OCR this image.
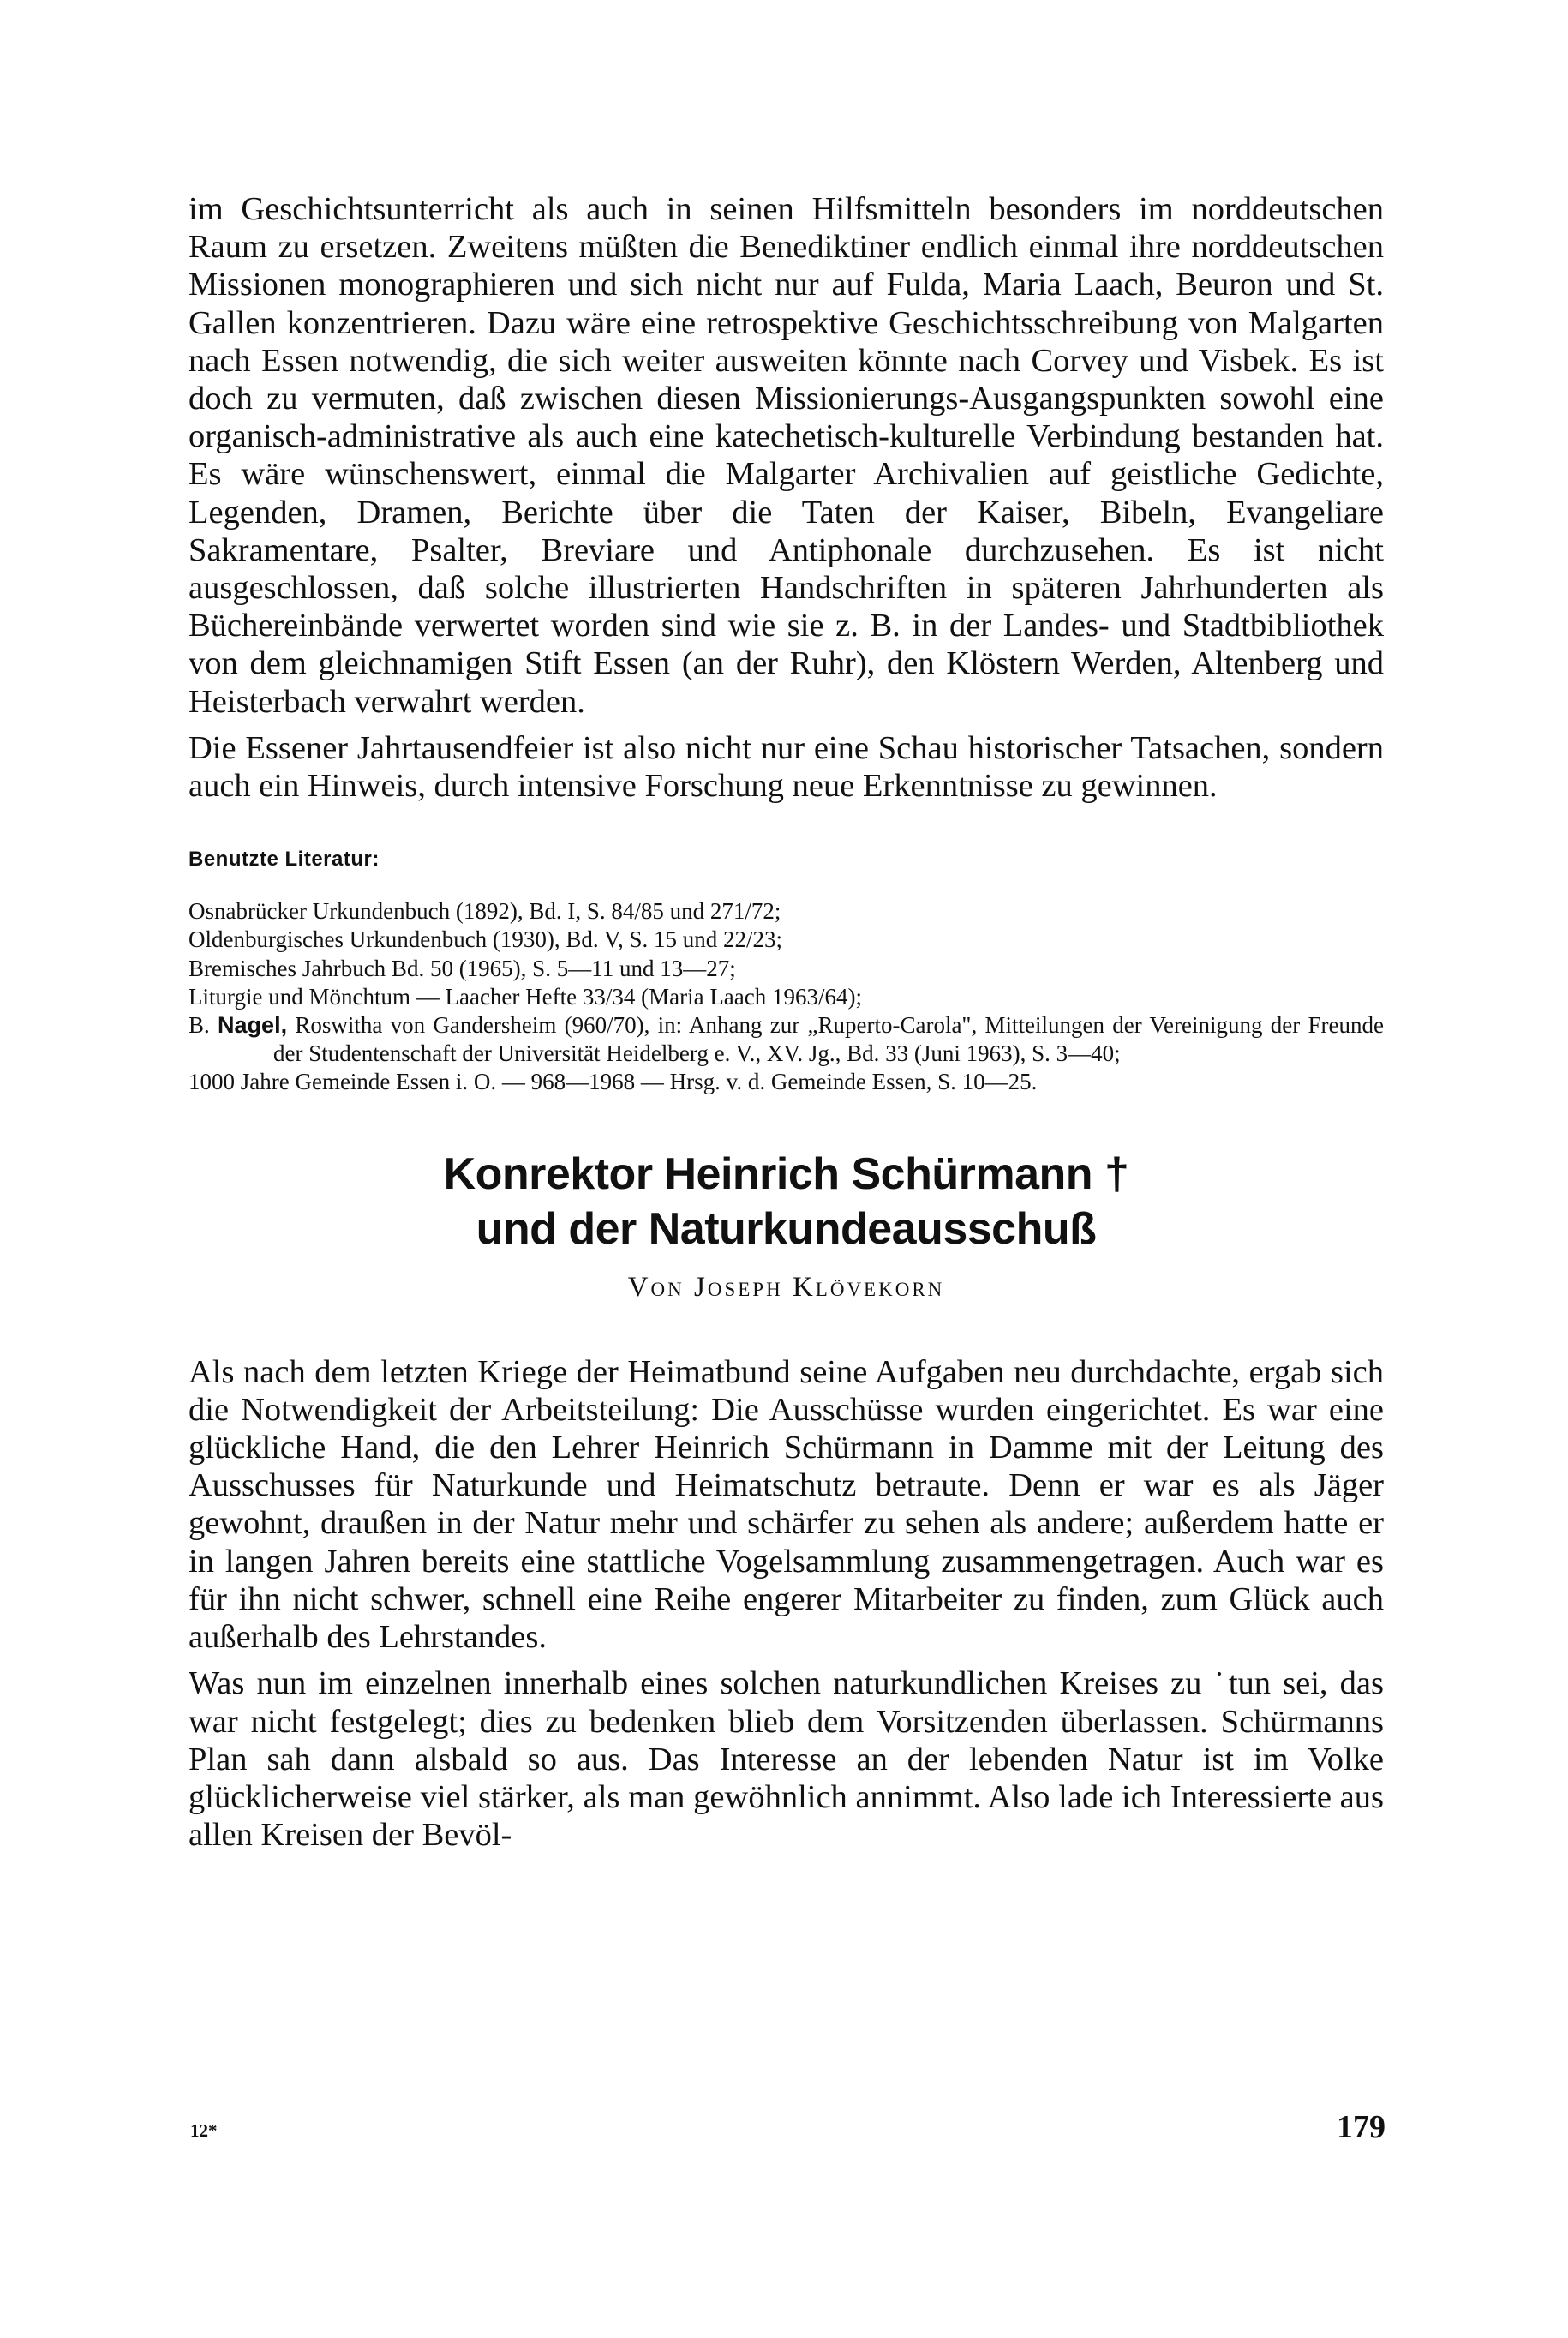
im Geschichtsunterricht als auch in seinen Hilfsmitteln besonders im norddeutschen Raum zu ersetzen. Zweitens müßten die Benediktiner endlich einmal ihre norddeutschen Missionen monographieren und sich nicht nur auf Fulda, Maria Laach, Beuron und St. Gallen konzentrieren. Dazu wäre eine retrospektive Geschichtsschreibung von Malgarten nach Essen notwendig, die sich weiter ausweiten könnte nach Corvey und Visbek. Es ist doch zu vermuten, daß zwischen diesen Missionierungs-Ausgangspunkten sowohl eine organisch-administrative als auch eine katechetisch-kulturelle Verbindung bestanden hat. Es wäre wünschenswert, einmal die Malgarter Archivalien auf geistliche Gedichte, Legenden, Dramen, Berichte über die Taten der Kaiser, Bibeln, Evangeliare Sakramentare, Psalter, Breviare und Antiphonale durchzusehen. Es ist nicht ausgeschlossen, daß solche illustrierten Handschriften in späteren Jahrhunderten als Büchereinbände verwertet worden sind wie sie z. B. in der Landes- und Stadtbibliothek von dem gleichnamigen Stift Essen (an der Ruhr), den Klöstern Werden, Altenberg und Heisterbach verwahrt werden.

Die Essener Jahrtausendfeier ist also nicht nur eine Schau historischer Tatsachen, sondern auch ein Hinweis, durch intensive Forschung neue Erkenntnisse zu gewinnen.

Benutzte Literatur:
Osnabrücker Urkundenbuch (1892), Bd. I, S. 84/85 und 271/72;
Oldenburgisches Urkundenbuch (1930), Bd. V, S. 15 und 22/23;
Bremisches Jahrbuch Bd. 50 (1965), S. 5—11 und 13—27;
Liturgie und Mönchtum — Laacher Hefte 33/34 (Maria Laach 1963/64);
B. Nagel, Roswitha von Gandersheim (960/70), in: Anhang zur „Ruperto-Carola", Mitteilungen der Vereinigung der Freunde der Studentenschaft der Universität Heidelberg e. V., XV. Jg., Bd. 33 (Juni 1963), S. 3—40;
1000 Jahre Gemeinde Essen i. O. — 968—1968 — Hrsg. v. d. Gemeinde Essen, S. 10—25.
Konrektor Heinrich Schürmann †
und der Naturkundeausschuß
Von Joseph Klövekorn

Als nach dem letzten Kriege der Heimatbund seine Aufgaben neu durchdachte, ergab sich die Notwendigkeit der Arbeitsteilung: Die Ausschüsse wurden eingerichtet. Es war eine glückliche Hand, die den Lehrer Heinrich Schürmann in Damme mit der Leitung des Ausschusses für Naturkunde und Heimatschutz betraute. Denn er war es als Jäger gewohnt, draußen in der Natur mehr und schärfer zu sehen als andere; außerdem hatte er in langen Jahren bereits eine stattliche Vogelsammlung zusammengetragen. Auch war es für ihn nicht schwer, schnell eine Reihe engerer Mitarbeiter zu finden, zum Glück auch außerhalb des Lehrstandes.

Was nun im einzelnen innerhalb eines solchen naturkundlichen Kreises zu ˙tun sei, das war nicht festgelegt; dies zu bedenken blieb dem Vorsitzenden überlassen. Schürmanns Plan sah dann alsbald so aus. Das Interesse an der lebenden Natur ist im Volke glücklicherweise viel stärker, als man gewöhnlich annimmt. Also lade ich Interessierte aus allen Kreisen der Bevöl-

12*	179
